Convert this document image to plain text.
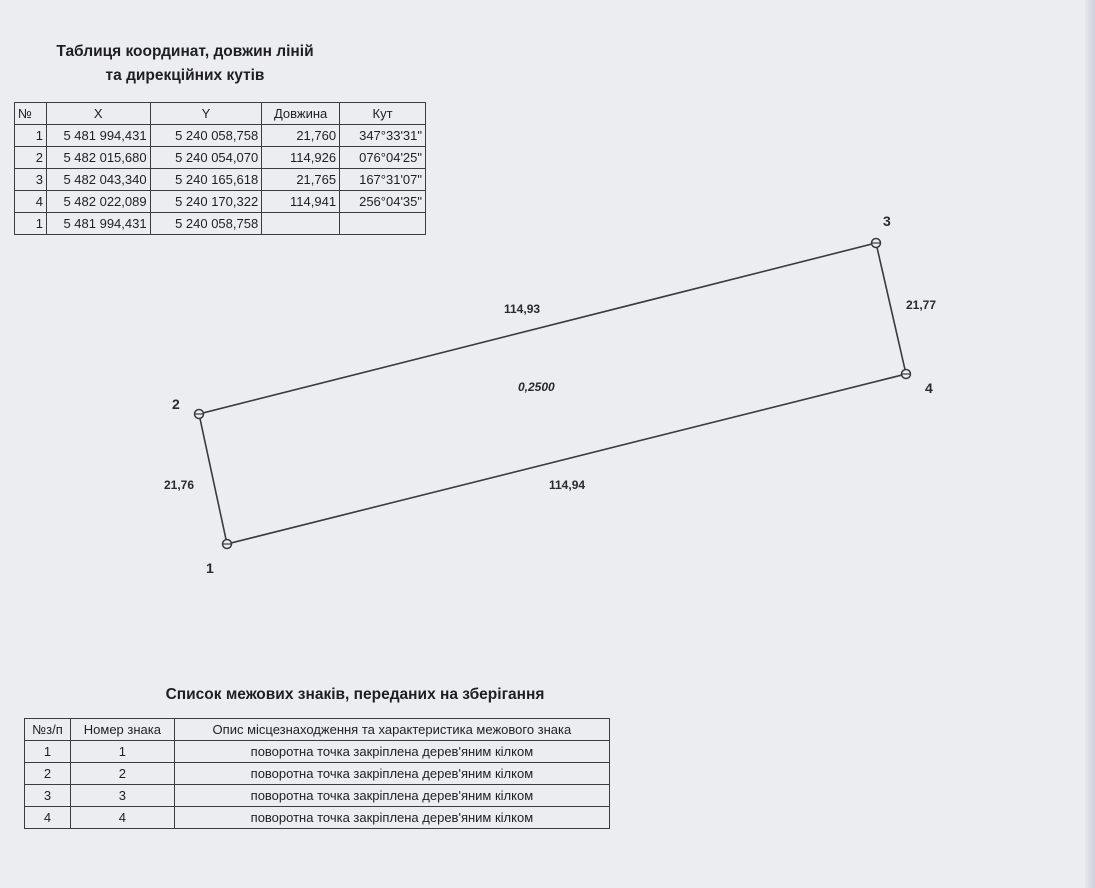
Таблиця координат, довжин ліній
та дирекційних кутів
№	X	Y	Довжина	Кут
1	5 481 994,431	5 240 058,758	21,760	347°33'31"
2	5 482 015,680	5 240 054,070	114,926	076°04'25"
3	5 482 043,340	5 240 165,618	21,765	167°31'07"
4	5 482 022,089	5 240 170,322	114,941	256°04'35"
1	5 481 994,431	5 240 058,758		
1
2
3
4
21,76
114,93	21,77
114,94
0,2500
Список межових знаків, переданих на зберігання
№з/п	Номер знака	Опис місцезнаходження та характеристика межового знака
1	1	поворотна точка закріплена дерев'яним кілком
2	2	поворотна точка закріплена дерев'яним кілком
3	3	поворотна точка закріплена дерев'яним кілком
4	4	поворотна точка закріплена дерев'яним кілком
